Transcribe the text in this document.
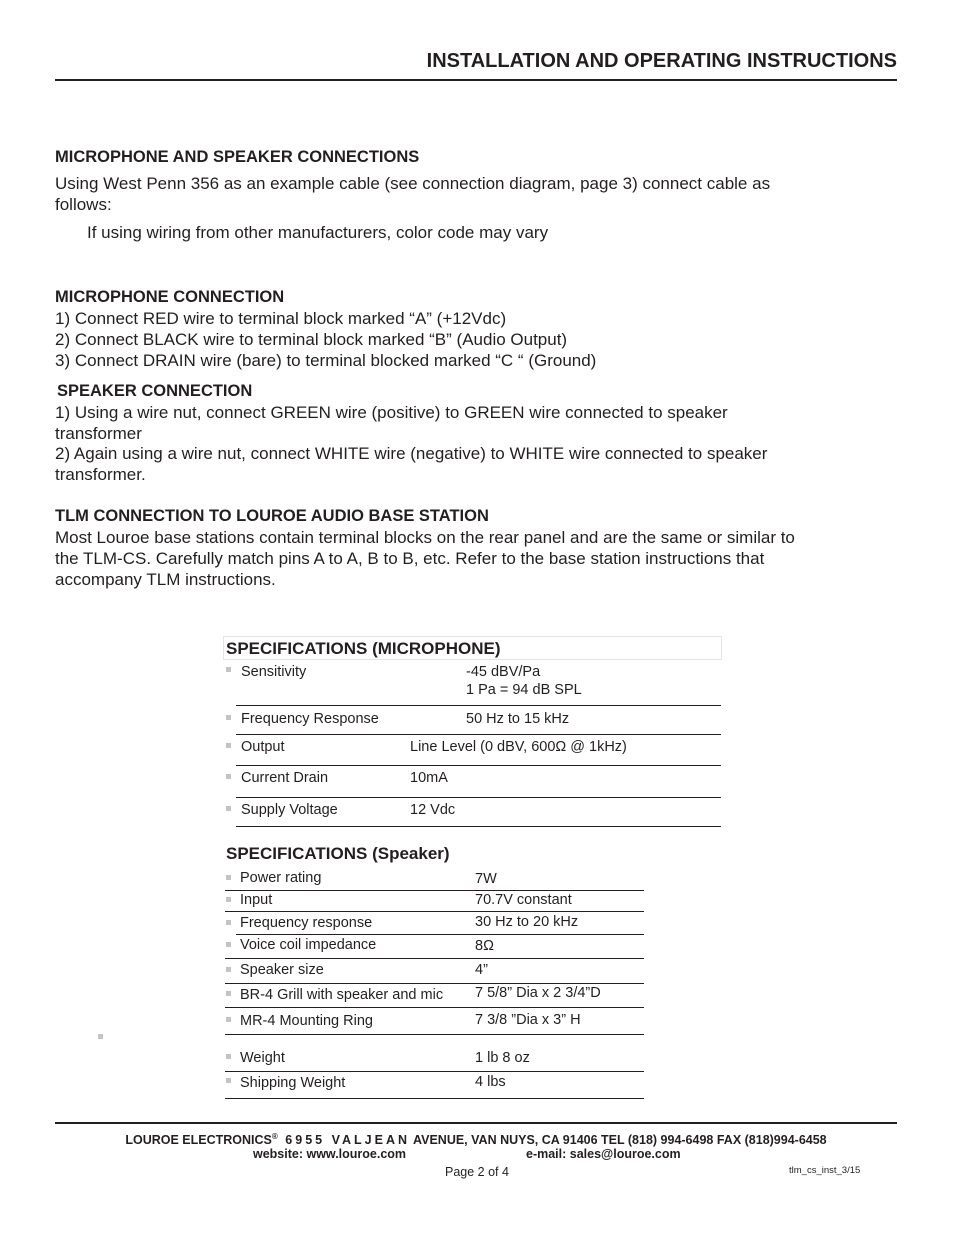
INSTALLATION AND OPERATING INSTRUCTIONS
MICROPHONE AND SPEAKER CONNECTIONS
Using West Penn 356 as an example cable (see connection diagram, page 3) connect cable as
follows:
If using wiring from other manufacturers, color code may vary
MICROPHONE CONNECTION
1) Connect RED wire to terminal block marked “A” (+12Vdc)
2) Connect BLACK wire to terminal block marked “B” (Audio Output)
3) Connect DRAIN wire (bare) to terminal blocked marked “C “ (Ground)
SPEAKER CONNECTION
1) Using a wire nut, connect GREEN wire (positive) to GREEN wire connected to speaker
transformer
2) Again using a wire nut, connect WHITE wire (negative) to WHITE wire connected to speaker
transformer.
TLM CONNECTION TO LOUROE AUDIO BASE STATION
Most Louroe base stations contain terminal blocks on the rear panel and are the same or similar to
the TLM-CS. Carefully match pins A to A, B to B, etc. Refer to the base station instructions that
accompany TLM instructions.
SPECIFICATIONS (MICROPHONE)
Sensitivity	-45 dBV/Pa
1 Pa = 94 dB SPL
Frequency Response	50 Hz to 15 kHz
Output	Line Level (0 dBV, 600Ω @ 1kHz)
Current Drain	10mA
Supply Voltage	12 Vdc
SPECIFICATIONS (Speaker)
Power rating	7W
Input	70.7V constant
Frequency response	30 Hz to 20 kHz
Voice coil impedance	8Ω
Speaker size	4”
BR-4 Grill with speaker and mic 7 5/8” Dia x 2 3/4”D
MR-4 Mounting Ring	7 3/8 ”Dia x 3” H
Weight	1 lb 8 oz
Shipping Weight	4 lbs
LOUROE ELECTRONICS® 6955 VALJEAN AVENUE, VAN NUYS, CA 91406 TEL (818) 994-6498 FAX (818)994-6458
website: www.louroe.com	e-mail: sales@louroe.com
Page 2 of 4	tlm_cs_inst_3/15
